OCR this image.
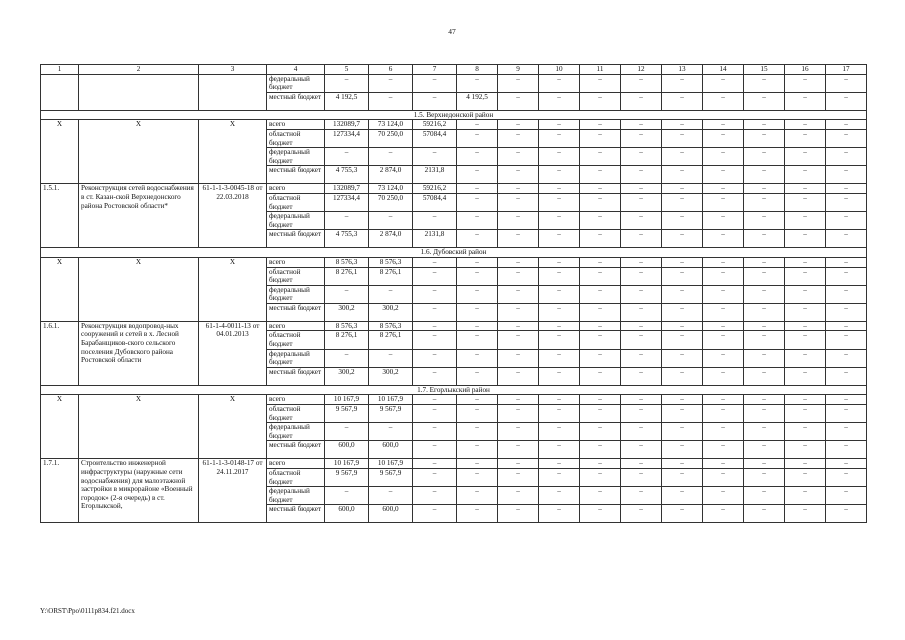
47
1	2	3	4	5	6	7	8	9	10	11	12	13	14	15	16	17
			федеральный бюджет	–	–	–	–	–	–	–	–	–	–	–	–	–
			местный бюджет	4 192,5	–	–	4 192,5	–	–	–	–	–	–	–	–	–
1.5. Верхнедонской район																
Х	Х	Х	всего	132089,7	73 124,0	59216,2	–	–	–	–	–	–	–	–	–	–
			областной бюджет	127334,4	70 250,0	57084,4	–	–	–	–	–	–	–	–	–	–
			федеральный бюджет	–	–	–	–	–	–	–	–	–	–	–	–	–
			местный бюджет	4 755,3	2 874,0	2131,8	–	–	–	–	–	–	–	–	–	–
1.5.1.	Реконструкция сетей водоснабжения в ст. Казан-ской Верхнедонского района Ростовской области*	61-1-1-3-0045-18 от 22.03.2018	всего	132089,7	73 124,0	59216,2	–	–	–	–	–	–	–	–	–	–
			областной бюджет	127334,4	70 250,0	57084,4	–	–	–	–	–	–	–	–	–	–
			федеральный бюджет	–	–	–	–	–	–	–	–	–	–	–	–	–
			местный бюджет	4 755,3	2 874,0	2131,8	–	–	–	–	–	–	–	–	–	–
1.6. Дубовский район																
Х	Х	Х	всего	8 576,3	8 576,3	–	–	–	–	–	–	–	–	–	–	–
			областной бюджет	8 276,1	8 276,1	–	–	–	–	–	–	–	–	–	–	–
			федеральный бюджет	–	–	–	–	–	–	–	–	–	–	–	–	–
			местный бюджет	300,2	300,2	–	–	–	–	–	–	–	–	–	–	–
1.6.1.	Реконструкция водопровод-ных сооружений и сетей в х. Лесной Барабанщиков-ского сельского поселения Дубовского района Ростовской области	61-1-4-0011-13 от 04.01.2013	всего	8 576,3	8 576,3	–	–	–	–	–	–	–	–	–	–	–
			областной бюджет	8 276,1	8 276,1	–	–	–	–	–	–	–	–	–	–	–
			федеральный бюджет	–	–	–	–	–	–	–	–	–	–	–	–	–
			местный бюджет	300,2	300,2	–	–	–	–	–	–	–	–	–	–	–
1.7. Егорлыкский район																
Х	Х	Х	всего	10 167,9	10 167,9	–	–	–	–	–	–	–	–	–	–	–
			областной бюджет	9 567,9	9 567,9	–	–	–	–	–	–	–	–	–	–	–
			федеральный бюджет	–	–	–	–	–	–	–	–	–	–	–	–	–
			местный бюджет	600,0	600,0	–	–	–	–	–	–	–	–	–	–	–
1.7.1.	Строительство инженерной инфраструктуры (наружные сети водоснабжения) для малоэтажной застройки в микрорайоне «Военный городок» (2-я очередь) в ст. Егорлыкской,	61-1-1-3-0148-17 от 24.11.2017	всего	10 167,9	10 167,9	–	–	–	–	–	–	–	–	–	–	–
			областной бюджет	9 567,9	9 567,9	–	–	–	–	–	–	–	–	–	–	–
			федеральный бюджет	–	–	–	–	–	–	–	–	–	–	–	–	–
			местный бюджет	600,0	600,0	–	–	–	–	–	–	–	–	–	–	–
Y:\ORST\Ppo\0111p834.f21.docx
